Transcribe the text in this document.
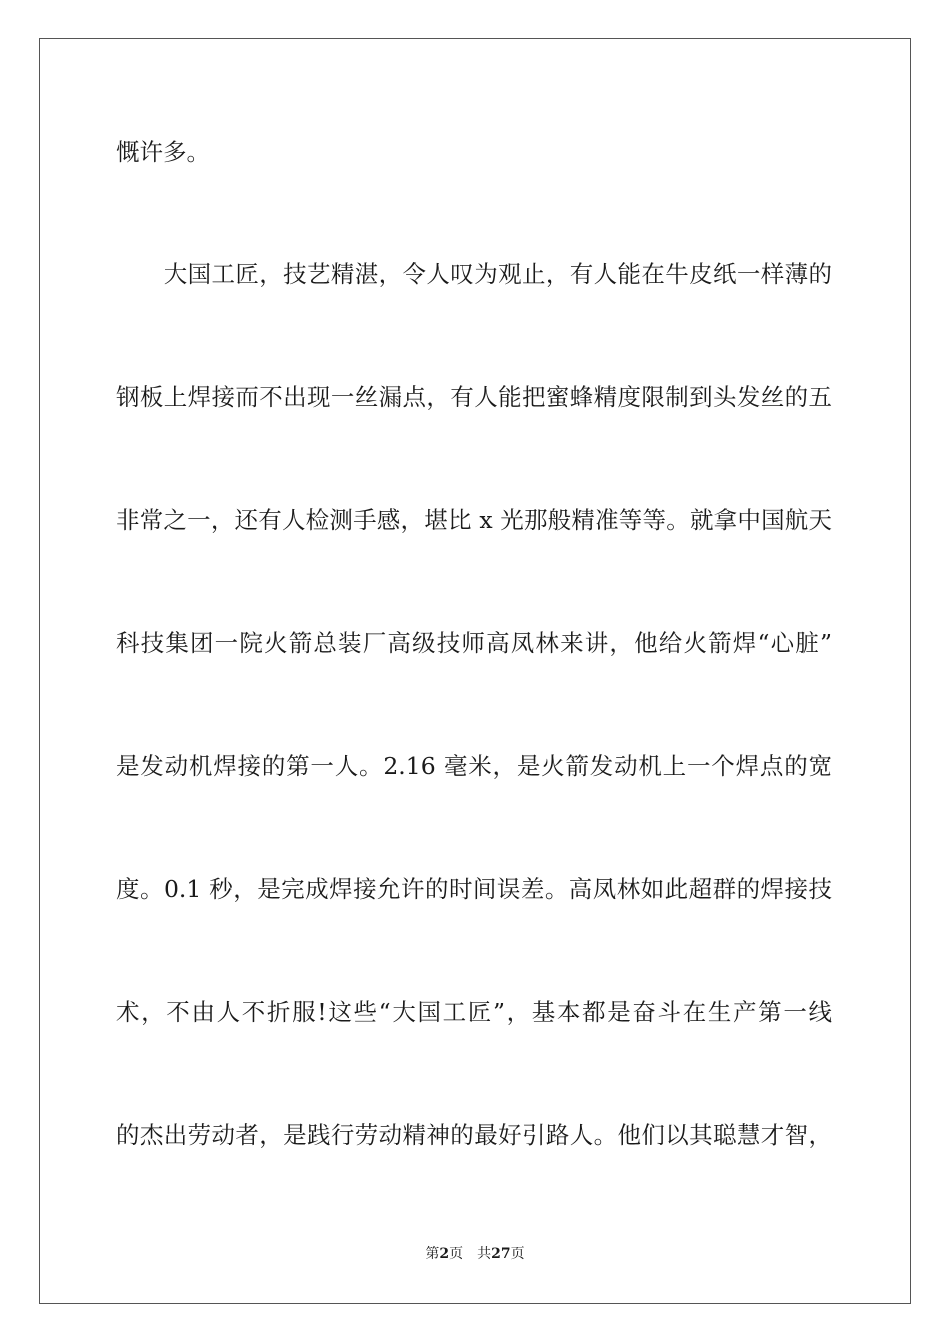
慨许多。
　　大国工匠，技艺精湛，令人叹为观止，有人能在牛皮纸一样薄的
钢板上焊接而不出现一丝漏点，有人能把蜜蜂精度限制到头发丝的五
非常之一，还有人检测手感，堪比 x 光那般精准等等。就拿中国航天
科技集团一院火箭总装厂高级技师高凤林来讲，他给火箭焊“心脏”
是发动机焊接的第一人。2.16 毫米，是火箭发动机上一个焊点的宽
度。0.1 秒，是完成焊接允许的时间误差。高凤林如此超群的焊接技
术，不由人不折服!这些“大国工匠”，基本都是奋斗在生产第一线
的杰出劳动者，是践行劳动精神的最好引路人。他们以其聪慧才智，
第2页 共27页
